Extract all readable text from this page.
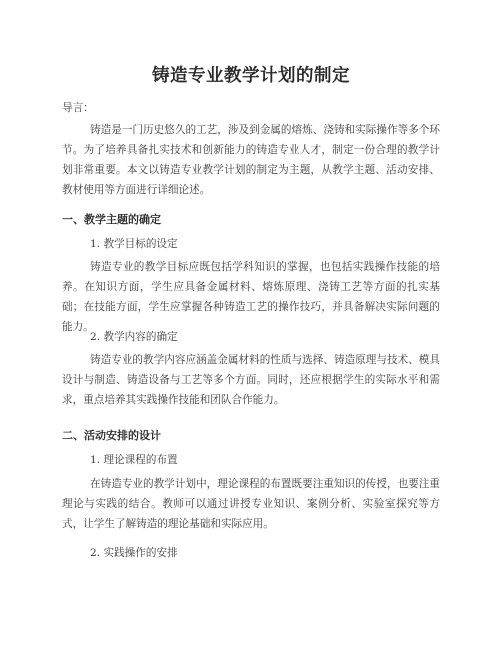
铸造专业教学计划的制定

导言：

铸造是一门历史悠久的工艺，涉及到金属的熔炼、浇铸和实际操作等多个环节。为了培养具备扎实技术和创新能力的铸造专业人才，制定一份合理的教学计划非常重要。本文以铸造专业教学计划的制定为主题，从教学主题、活动安排、教材使用等方面进行详细论述。

一、教学主题的确定

1. 教学目标的设定

铸造专业的教学目标应既包括学科知识的掌握，也包括实践操作技能的培养。在知识方面，学生应具备金属材料、熔炼原理、浇铸工艺等方面的扎实基础；在技能方面，学生应掌握各种铸造工艺的操作技巧，并具备解决实际问题的能力。

2. 教学内容的确定

铸造专业的教学内容应涵盖金属材料的性质与选择、铸造原理与技术、模具设计与制造、铸造设备与工艺等多个方面。同时，还应根据学生的实际水平和需求，重点培养其实践操作技能和团队合作能力。

二、活动安排的设计

1. 理论课程的布置

在铸造专业的教学计划中，理论课程的布置既要注重知识的传授，也要注重理论与实践的结合。教师可以通过讲授专业知识、案例分析、实验室探究等方式，让学生了解铸造的理论基础和实际应用。

2. 实践操作的安排
